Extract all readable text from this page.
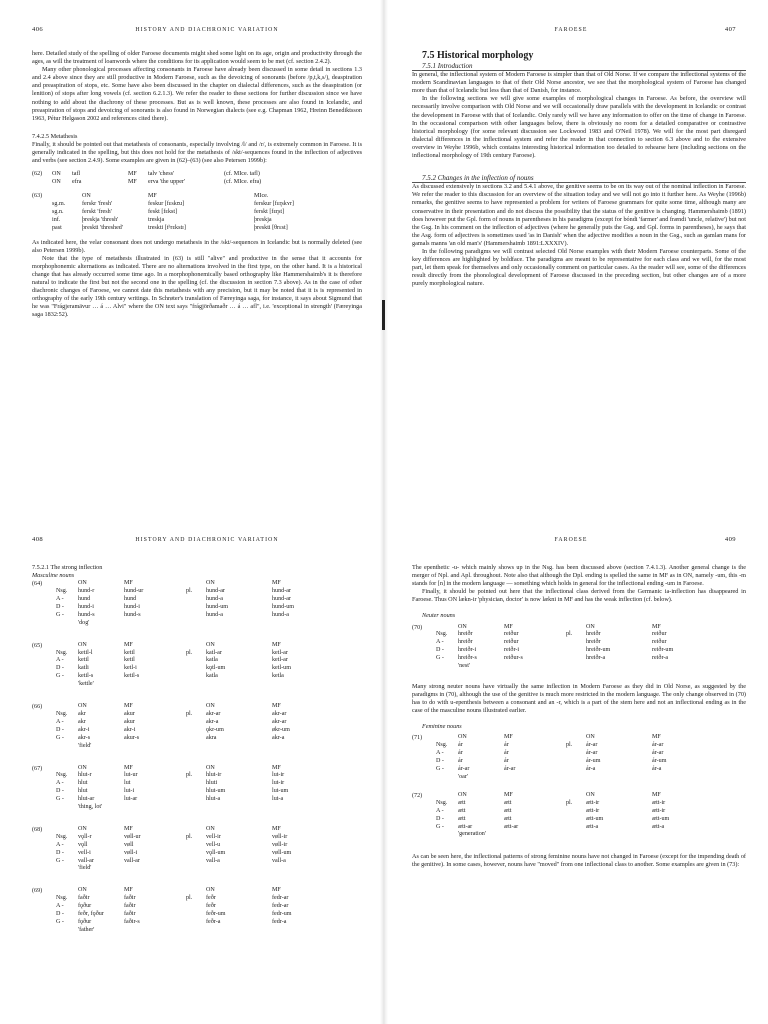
406	HISTORY AND DIACHRONIC VARIATION

here. Detailed study of the spelling of older Faroese documents might shed some light on its age, origin and productivity through the ages, as will the treatment of loanwords where the conditions for its application would seem to be met (cf. section 2.4.2).

Many other phonological processes affecting consonants in Faroese have already been discussed in some detail in sections 1.3 and 2.4 above since they are still productive in Modern Faroese, such as the devoicing of sonorants (before /p,t,k,s/), deaspiration and preaspiration of stops, etc. Some have also been discussed in the chapter on dialectal differences, such as the deaspiration (or lenition) of stops after long vowels (cf. section 6.2.1.3). We refer the reader to these sections for further discussion since we have nothing to add about the diachrony of these processes. But as is well known, these processes are also found in Icelandic, and preaspiration of stops and devoicing of sonorants is also found in Norwegian dialects (see e.g. Chapman 1962, Hreinn Benediktsson 1963, Pétur Helgason 2002 and references cited there).

7.4.2.5 Metathesis

Finally, it should be pointed out that metathesis of consonants, especially involving /l/ and /r/, is extremely common in Faroese. It is generally indicated in the spelling, but this does not hold for the metathesis of /skt/-sequences found in the inflection of adjectives and verbs (see section 2.4.9). Some examples are given in (62)–(63) (see also Petersen 1999b):

(62)	ON	tafl	MF	talv 'chess'	(cf. MIce. tafl)
ON	efra	MF	erva 'the upper'	(cf. MIce. efra)
(63)	ON	MF	MIce.
sg.m.	ferskr 'fresh'	feskur [fɛskʊɹ]	ferskur [fɛr̥skʏr]
sg.n.	ferskt 'fresh'	feskt [fɛkst]	ferskt [fɛr̥st]
inf.	þreskja 'thresh'	treskja	þreskja
past	þreskti 'threshed'	treskti [tʰrɛkstɪ]	þreskti [θrɛst]

As indicated here, the velar consonant does not undergo metathesis in the /skt/-sequences in Icelandic but is normally deleted (see also Petersen 1999b).

Note that the type of metathesis illustrated in (63) is still "alive" and productive in the sense that it accounts for morphophonemic alternations as indicated. There are no alternations involved in the first type, on the other hand. It is a historical change that has already occurred some time ago. In a morphophonemically based orthography like Hammershaimb's it is therefore natural to indicate the first but not the second one in the spelling (cf. the discussion in section 7.3 above). As in the case of other diachronic changes of Faroese, we cannot date this metathesis with any precision, but it may be noted that it is is represented in orthography of the early 19th century writings. In Schrøter's translation of Færeyinga saga, for instance, it says about Sigmund that he was "Frágjeramävur … á … Alvi" where the ON text says "frágjörðamaðr … á … afl", i.e. 'exceptional in strength' (Færeyinga saga 1832:52).

FAROESE	407

7.5 Historical morphology

7.5.1 Introduction

In general, the inflectional system of Modern Faroese is simpler than that of Old Norse. If we compare the inflectional systems of the modern Scandinavian languages to that of their Old Norse ancestor, we see that the morphological system of Faroese has changed more than that of Icelandic but less than that of Danish, for instance.

In the following sections we will give some examples of morphological changes in Faroese. As before, the overview will necessarily involve comparison with Old Norse and we will occasionally draw parallels with the development in Icelandic or contrast the development in Faroese with that of Icelandic. Only rarely will we have any information to offer on the time of change in Faroese. In the occasional comparison with other languages below, there is obviously no room for a detailed comparative or contrastive historical morphology (for some relevant discussion see Lockwood 1983 and O'Neil 1978). We will for the most part disregard dialectal differences in the inflectional system and refer the reader in that connection to section 6.3 above and to the extensive overview in Weyhe 1996b, which contains interesting historical information too detailed to rehearse here (including sections on the inflectional morphology of 19th century Faroese).

7.5.2 Changes in the inflection of nouns

As discussed extensively in sections 3.2 and 5.4.1 above, the genitive seems to be on its way out of the nominal inflection in Faroese. We refer the reader to this discussion for an overview of the situation today and we will not go into it further here. As Weyhe (1996b) remarks, the genitive seems to have represented a problem for writers of Faroese grammars for quite some time, although many are conservative in their presentation and do not discuss the possibility that the status of the genitive is changing. Hammershaimb (1891) does however put the Gpl. form of nouns in parentheses in his paradigms (except for bóndi 'farmer' and frændi 'uncle, relative') but not the Gsg. In his comment on the inflection of adjectives (where he generally puts the Gsg. and Gpl. forms in parentheses), he says that the Asg. form of adjectives is sometimes used 'as in Danish' when the adjective modifies a noun in the Gsg., such as gamlan mans for gamals manns 'an old man's' (Hammershaimb 1891:LXXXIV).

In the following paradigms we will contrast selected Old Norse examples with their Modern Faroese counterparts. Some of the key differences are highlighted by boldface. The paradigms are meant to be representative for each class and we will, for the most part, let them speak for themselves and only occasionally comment on particular cases. As the reader will see, some of the differences result directly from the phonological development of Faroese discussed in the preceding section, but other changes are of a more purely morphological nature.

408	HISTORY AND DIACHRONIC VARIATION

7.5.2.1 The strong inflection

Masculine nouns

(64)	ON	MF	ON	MF
Nsg.	hund-r	hund-ur	pl.	hund-ar	hund-ar
A -	hund	hund	hund-a	hund-ar
D -	hund-i	hund-i	hund-um	hund-um
G -	hund-s	hund-s	hund-a	hund-a
'dog'
(65)	ON	MF	ON	MF
Nsg.	ketil-l	ketil	pl.	katl-ar	ketl-ar
A -	ketil	ketil	katla	ketl-ar
D -	katli	ketl-i	kǫtl-um	ketl-um
G -	ketil-s	ketil-s	katla	ketla
'kettle'
(66)	ON	MF	ON	MF
Nsg.	akr	akur	pl.	akr-ar	akr-ar
A -	akr	akur	akr-a	akr-ar
D -	akr-i	akr-i	ǫkr-um	økr-um
G -	akr-s	akur-s	akra	akr-a
'field'
(67)	ON	MF	ON	MF
Nsg.	hlut-r	lut-ur	pl.	hlut-ir	lut-ir
A -	hlut	lut	hluti	lut-ir
D -	hlut	lut-i	hlut-um	lut-um
G -	hlut-ar	lut-ar	hlut-a	lut-a
'thing, lot'
(68)	ON	MF	ON	MF
Nsg.	vǫll-r	vøll-ur	pl.	vell-ir	vøll-ir
A -	vǫll	vøll	vell-u	vøll-ir
D -	vell-i	vøll-i	vǫll-um	vøll-um
G -	vall-ar	vall-ar	vall-a	vall-a
'field'
(69)	ON	MF	ON	MF
Nsg.	faðir	faðir	pl.	feðr	fedr-ar
A -	fǫður	faðir	feðr	fedr-ar
D -	feðr, fǫður	faðir	feðr-um	fedr-um
G -	fǫður	faðir-s	feðr-a	fedr-a
'father'
FAROESE	409

The epenthetic -u- which mainly shows up in the Nsg. has been discussed above (section 7.4.1.3). Another general change is the merger of Npl. and Apl. throughout. Note also that although the Dpl. ending is spelled the same in MF as in ON, namely -um, this -m stands for [n] in the modern language — something which holds in general for the inflectional ending -um in Faroese.

Finally, it should be pointed out here that the inflectional class derived from the Germanic ia-inflection has disappeared in Faroese. Thus ON lækn‑ir 'physician, doctor' is now lækni in MF and has the weak inflection (cf. below).

Neuter nouns

(70)	ON	MF	ON	MF
Nsg.	hreiðr	reiður	pl.	hreiðr	reiður
A -	hreiðr	reiður	hreiðr	reiður
D -	hreiðr-i	reiðr-i	hreiðr-um	reiðr-um
G -	hreiðr-s	reiður-s	hreiðr-a	reiðr-a
'nest'

Many strong neuter nouns have virtually the same inflection in Modern Faroese as they did in Old Norse, as suggested by the paradigms in (70), although the use of the genitive is much more restricted in the modern language. The only change observed in (70) has to do with u-epenthesis between a consonant and an -r, which is a part of the stem here and not an inflectional ending as in the case of the masculine nouns illustrated earlier.

Feminine nouns

(71)	ON	MF	ON	MF
Nsg.	ár	ár	pl.	ár-ar	ár-ar
A -	ár	ár	ár-ar	ár-ar
D -	ár	ár	ár-um	ár-um
G -	ár-ar	ár-ar	ár-a	ár-a
'oar'
(72)	ON	MF	ON	MF
Nsg.	ætt	ætt	pl.	ætt-ir	ætt-ir
A -	ætt	ætt	ætt-ir	ætt-ir
D -	ætt	ætt	ætt-um	ætt-um
G -	ætt-ar	ætt-ar	ætt-a	ætt-a
'generation'

As can be seen here, the inflectional patterns of strong feminine nouns have not changed in Faroese (except for the impending death of the genitive). In some cases, however, nouns have "moved" from one inflectional class to another. Some examples are given in (73):
